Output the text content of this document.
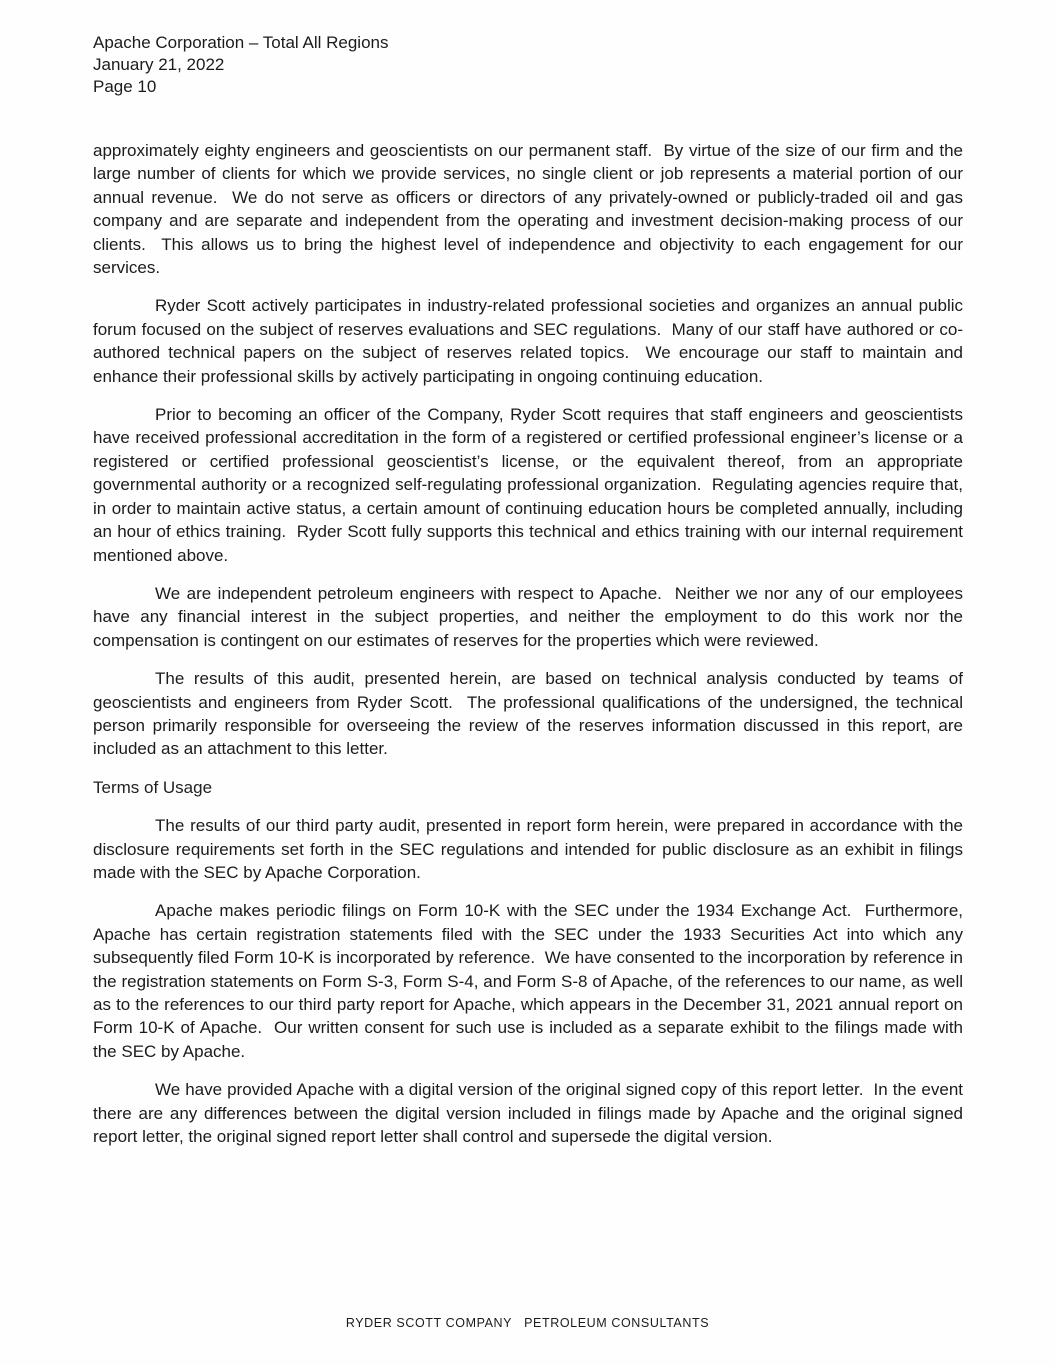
Apache Corporation – Total All Regions
January 21, 2022
Page 10

approximately eighty engineers and geoscientists on our permanent staff.  By virtue of the size of our firm and the large number of clients for which we provide services, no single client or job represents a material portion of our annual revenue.  We do not serve as officers or directors of any privately-owned or publicly-traded oil and gas company and are separate and independent from the operating and investment decision-making process of our clients.  This allows us to bring the highest level of independence and objectivity to each engagement for our services.

Ryder Scott actively participates in industry-related professional societies and organizes an annual public forum focused on the subject of reserves evaluations and SEC regulations.  Many of our staff have authored or co-authored technical papers on the subject of reserves related topics.  We encourage our staff to maintain and enhance their professional skills by actively participating in ongoing continuing education.

Prior to becoming an officer of the Company, Ryder Scott requires that staff engineers and geoscientists have received professional accreditation in the form of a registered or certified professional engineer’s license or a registered or certified professional geoscientist’s license, or the equivalent thereof, from an appropriate governmental authority or a recognized self-regulating professional organization.  Regulating agencies require that, in order to maintain active status, a certain amount of continuing education hours be completed annually, including an hour of ethics training.  Ryder Scott fully supports this technical and ethics training with our internal requirement mentioned above.

We are independent petroleum engineers with respect to Apache.  Neither we nor any of our employees have any financial interest in the subject properties, and neither the employment to do this work nor the compensation is contingent on our estimates of reserves for the properties which were reviewed.

The results of this audit, presented herein, are based on technical analysis conducted by teams of geoscientists and engineers from Ryder Scott.  The professional qualifications of the undersigned, the technical person primarily responsible for overseeing the review of the reserves information discussed in this report, are included as an attachment to this letter.

Terms of Usage

The results of our third party audit, presented in report form herein, were prepared in accordance with the disclosure requirements set forth in the SEC regulations and intended for public disclosure as an exhibit in filings made with the SEC by Apache Corporation.

Apache makes periodic filings on Form 10-K with the SEC under the 1934 Exchange Act.  Furthermore, Apache has certain registration statements filed with the SEC under the 1933 Securities Act into which any subsequently filed Form 10-K is incorporated by reference.  We have consented to the incorporation by reference in the registration statements on Form S-3, Form S-4, and Form S-8 of Apache, of the references to our name, as well as to the references to our third party report for Apache, which appears in the December 31, 2021 annual report on Form 10-K of Apache.  Our written consent for such use is included as a separate exhibit to the filings made with the SEC by Apache.

We have provided Apache with a digital version of the original signed copy of this report letter.  In the event there are any differences between the digital version included in filings made by Apache and the original signed report letter, the original signed report letter shall control and supersede the digital version.

RYDER SCOTT COMPANY   PETROLEUM CONSULTANTS
